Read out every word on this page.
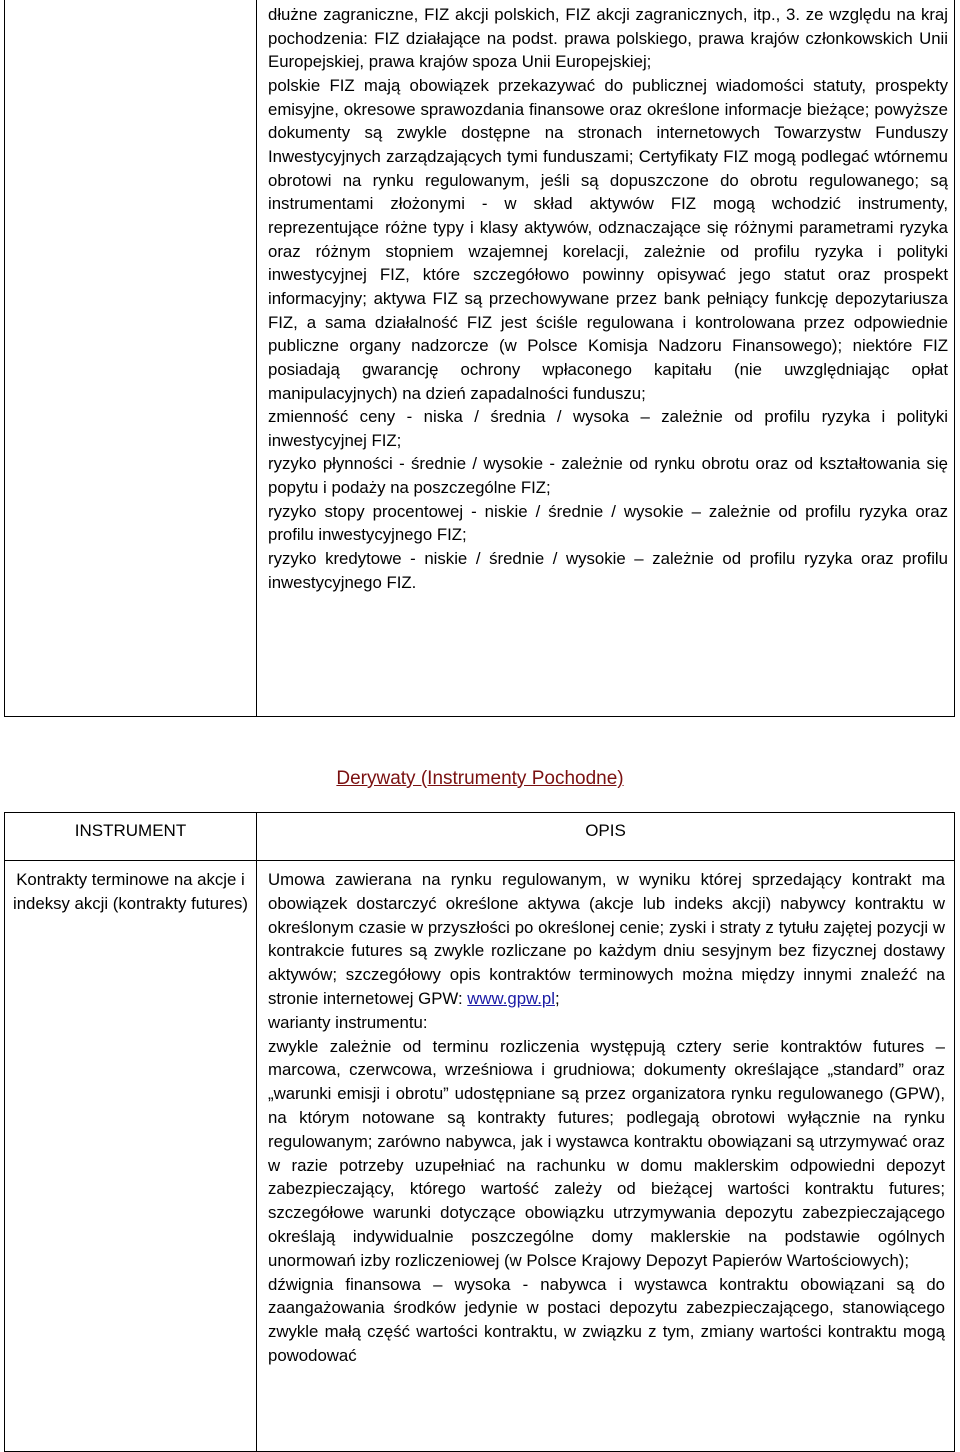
dłużne zagraniczne, FIZ akcji polskich, FIZ akcji zagranicznych, itp., 3. ze względu na kraj pochodzenia: FIZ działające na podst. prawa polskiego, prawa krajów członkowskich Unii Europejskiej, prawa krajów spoza Unii Europejskiej;
polskie FIZ mają obowiązek przekazywać do publicznej wiadomości statuty, prospekty emisyjne, okresowe sprawozdania finansowe oraz określone informacje bieżące; powyższe dokumenty są zwykle dostępne na stronach internetowych Towarzystw Funduszy Inwestycyjnych zarządzających tymi funduszami; Certyfikaty FIZ mogą podlegać wtórnemu obrotowi na rynku regulowanym, jeśli są dopuszczone do obrotu regulowanego; są instrumentami złożonymi - w skład aktywów FIZ mogą wchodzić instrumenty, reprezentujące różne typy i klasy aktywów, odznaczające się różnymi parametrami ryzyka oraz różnym stopniem wzajemnej korelacji, zależnie od profilu ryzyka i polityki inwestycyjnej FIZ, które szczegółowo powinny opisywać jego statut oraz prospekt informacyjny; aktywa FIZ są przechowywane przez bank pełniący funkcję depozytariusza FIZ, a sama działalność FIZ jest ściśle regulowana i kontrolowana przez odpowiednie publiczne organy nadzorcze (w Polsce Komisja Nadzoru Finansowego); niektóre FIZ posiadają gwarancję ochrony wpłaconego kapitału (nie uwzględniając opłat manipulacyjnych) na dzień zapadalności funduszu;
zmienność ceny - niska / średnia / wysoka – zależnie od profilu ryzyka i polityki inwestycyjnej FIZ;
ryzyko płynności - średnie / wysokie - zależnie od rynku obrotu oraz od kształtowania się popytu i podaży na poszczególne FIZ;
ryzyko stopy procentowej - niskie / średnie / wysokie – zależnie od profilu ryzyka oraz profilu inwestycyjnego FIZ;
ryzyko kredytowe - niskie / średnie / wysokie – zależnie od profilu ryzyka oraz profilu inwestycyjnego FIZ.
Derywaty (Instrumenty Pochodne)
INSTRUMENT	OPIS
Kontrakty terminowe na akcje i indeksy akcji (kontrakty futures)

Umowa zawierana na rynku regulowanym, w wyniku której sprzedający kontrakt ma obowiązek dostarczyć określone aktywa (akcje lub indeks akcji) nabywcy kontraktu w określonym czasie w przyszłości po określonej cenie; zyski i straty z tytułu zajętej pozycji w kontrakcie futures są zwykle rozliczane po każdym dniu sesyjnym bez fizycznej dostawy aktywów; szczegółowy opis kontraktów terminowych można między innymi znaleźć na stronie internetowej GPW: www.gpw.pl;

warianty instrumentu:

zwykle zależnie od terminu rozliczenia występują cztery serie kontraktów futures – marcowa, czerwcowa, wrześniowa i grudniowa; dokumenty określające „standard” oraz „warunki emisji i obrotu” udostępniane są przez organizatora rynku regulowanego (GPW), na którym notowane są kontrakty futures; podlegają obrotowi wyłącznie na rynku regulowanym; zarówno nabywca, jak i wystawca kontraktu obowiązani są utrzymywać oraz w razie potrzeby uzupełniać na rachunku w domu maklerskim odpowiedni depozyt zabezpieczający, którego wartość zależy od bieżącej wartości kontraktu futures; szczegółowe warunki dotyczące obowiązku utrzymywania depozytu zabezpieczającego określają indywidualnie poszczególne domy maklerskie na podstawie ogólnych unormowań izby rozliczeniowej (w Polsce Krajowy Depozyt Papierów Wartościowych);

dźwignia finansowa – wysoka - nabywca i wystawca kontraktu obowiązani są do zaangażowania środków jedynie w postaci depozytu zabezpieczającego, stanowiącego zwykle małą część wartości kontraktu, w związku z tym, zmiany wartości kontraktu mogą powodować
